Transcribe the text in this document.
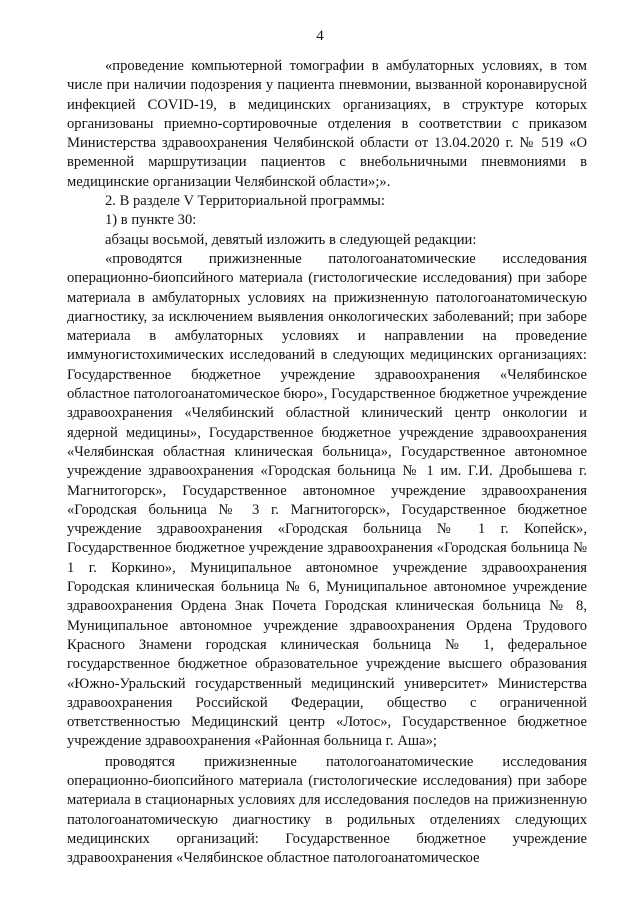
4

«проведение компьютерной томографии в амбулаторных условиях, в том числе при наличии подозрения у пациента пневмонии, вызванной коронавирусной инфекцией COVID-19, в медицинских организациях, в структуре которых организованы приемно-сортировочные отделения в соответствии с приказом Министерства здравоохранения Челябинской области от 13.04.2020 г. № 519 «О временной маршрутизации пациентов с внебольничными пневмониями в медицинские организации Челябинской области»;».

2. В разделе V Территориальной программы:

1) в пункте 30:

абзацы восьмой, девятый изложить в следующей редакции:

«проводятся прижизненные патологоанатомические исследования операционно-биопсийного материала (гистологические исследования) при заборе материала в амбулаторных условиях на прижизненную патологоанатомическую диагностику, за исключением выявления онкологических заболеваний; при заборе материала в амбулаторных условиях и направлении на проведение иммуногистохимических исследований в следующих медицинских организациях: Государственное бюджетное учреждение здравоохранения «Челябинское областное патологоанатомическое бюро», Государственное бюджетное учреждение здравоохранения «Челябинский областной клинический центр онкологии и ядерной медицины», Государственное бюджетное учреждение здравоохранения «Челябинская областная клиническая больница», Государственное автономное учреждение здравоохранения «Городская больница № 1 им. Г.И. Дробышева г. Магнитогорск», Государственное автономное учреждение здравоохранения «Городская больница № 3 г. Магнитогорск», Государственное бюджетное учреждение здравоохранения «Городская больница № 1 г. Копейск», Государственное бюджетное учреждение здравоохранения «Городская больница № 1 г. Коркино», Муниципальное автономное учреждение здравоохранения Городская клиническая больница № 6, Муниципальное автономное учреждение здравоохранения Ордена Знак Почета Городская клиническая больница № 8, Муниципальное автономное учреждение здравоохранения Ордена Трудового Красного Знамени городская клиническая больница № 1, федеральное государственное бюджетное образовательное учреждение высшего образования «Южно-Уральский государственный медицинский университет» Министерства здравоохранения Российской Федерации, общество с ограниченной ответственностью Медицинский центр «Лотос», Государственное бюджетное учреждение здравоохранения «Районная больница г. Аша»;

проводятся прижизненные патологоанатомические исследования операционно-биопсийного материала (гистологические исследования) при заборе материала в стационарных условиях для исследования последов на прижизненную патологоанатомическую диагностику в родильных отделениях следующих медицинских организаций: Государственное бюджетное учреждение здравоохранения «Челябинское областное патологоанатомическое
